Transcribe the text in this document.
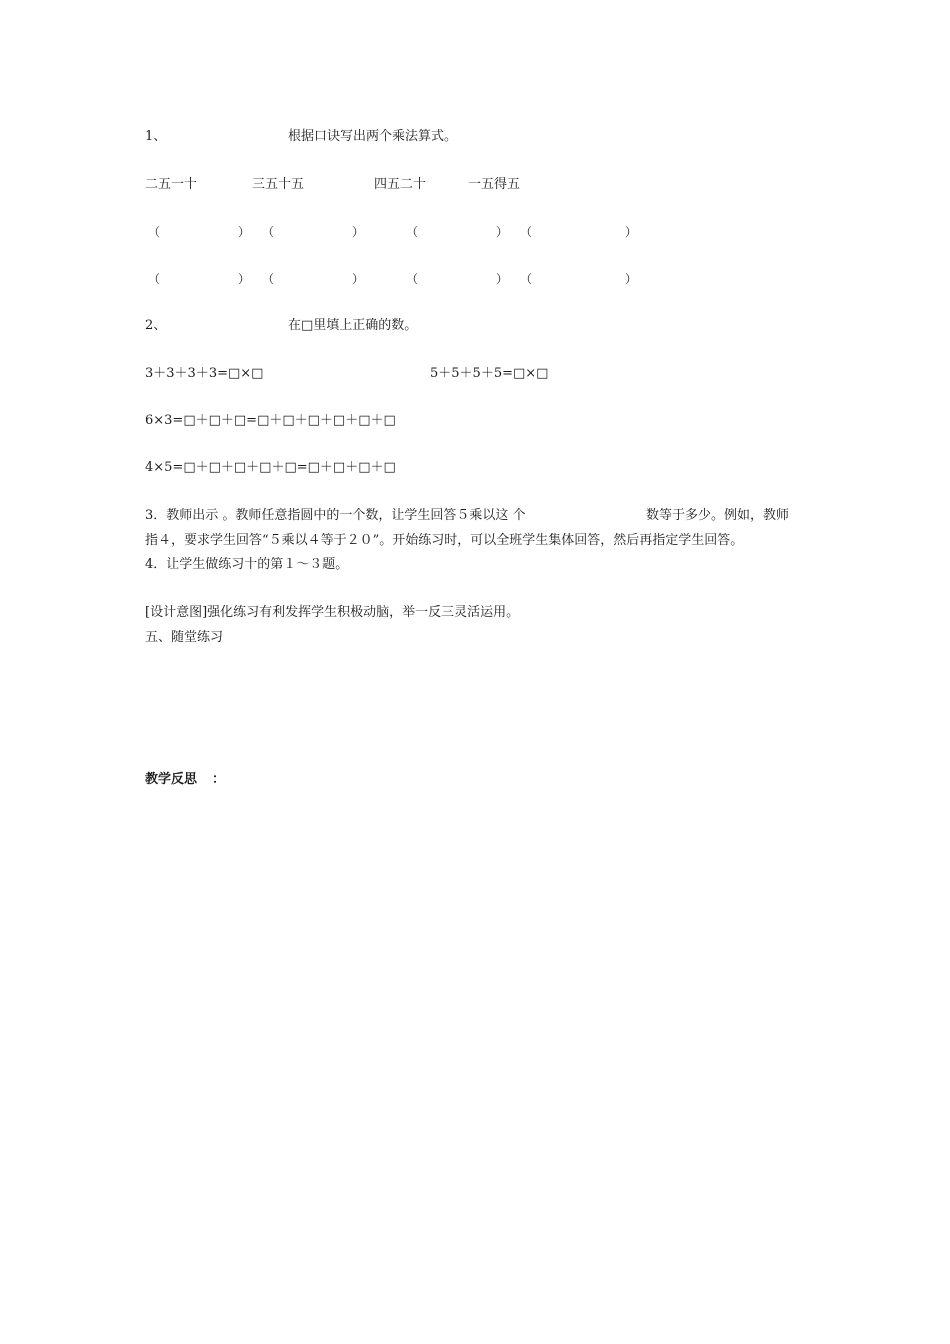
1、	根据口诀写出两个乘法算式。
二五一十	三五十五	四五二十	一五得五
（	） （	）	（	） （	）
（	） （	）	（	） （	）
2、	在□里填上正确的数。
3＋3＋3＋3=□×□	5＋5＋5＋5=□×□
6×3=□＋□＋□=□＋□＋□＋□＋□＋□
4×5=□＋□＋□＋□＋□=□＋□＋□＋□
3．教师出示 。教师任意指圆中的一个数，让学生回答５乘以这 个	数等于多少。例如，教师
指４，要求学生回答“５乘以４等于２０”。开始练习时，可以全班学生集体回答，然后再指定学生回答。
4．让学生做练习十的第１～３题。
[设计意图]强化练习有利发挥学生积极动脑，举一反三灵活运用。
五、随堂练习
教学反思 ：
